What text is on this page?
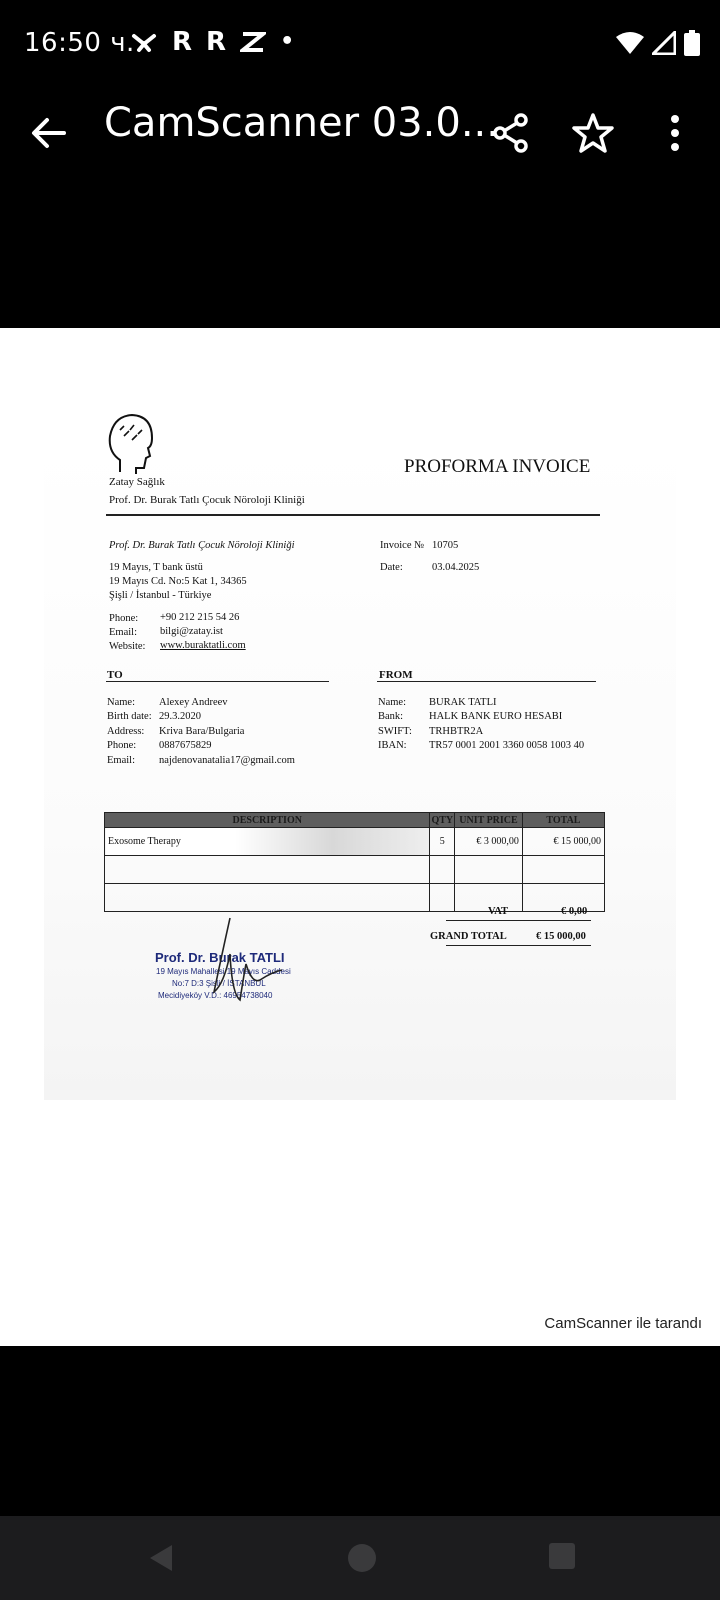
16:50 ч. R R •
CamScanner 03.0...
Zatay Sağlık
Prof. Dr. Burak Tatlı Çocuk Nöroloji Kliniği
PROFORMA INVOICE
Prof. Dr. Burak Tatlı Çocuk Nöroloji Kliniği
19 Mayıs, T bank üstü
19 Mayıs Cd. No:5 Kat 1, 34365
Şişli / İstanbul - Türkiye
Phone: +90 212 215 54 26
Email: bilgi@zatay.ist
Website: www.buraktatli.com
Invoice № 10705
Date:	03.04.2025
TO
Name: Alexey Andreev
Birth date: 29.3.2020
Address: Kriva Bara/Bulgaria
Phone: 0887675829
Email: najdenovanatalia17@gmail.com
FROM
Name: BURAK TATLI
Bank: HALK BANK EURO HESABI
SWIFT: TRHBTR2A
IBAN: TR57 0001 2001 3360 0058 1003 40
DESCRIPTION	QTY	UNIT PRICE	TOTAL
Exosome Therapy	5	€ 3 000,00	€ 15 000,00

VAT	€ 0,00
GRAND TOTAL	€ 15 000,00
Prof. Dr. Burak TATLI
19 Mayıs Mahallesi 19 Mayıs Caddesi
No:7 D:3 Şişli / İSTANBUL
Mecidiyeköy V.D.: 46954738040
CamScanner ile tarandı
